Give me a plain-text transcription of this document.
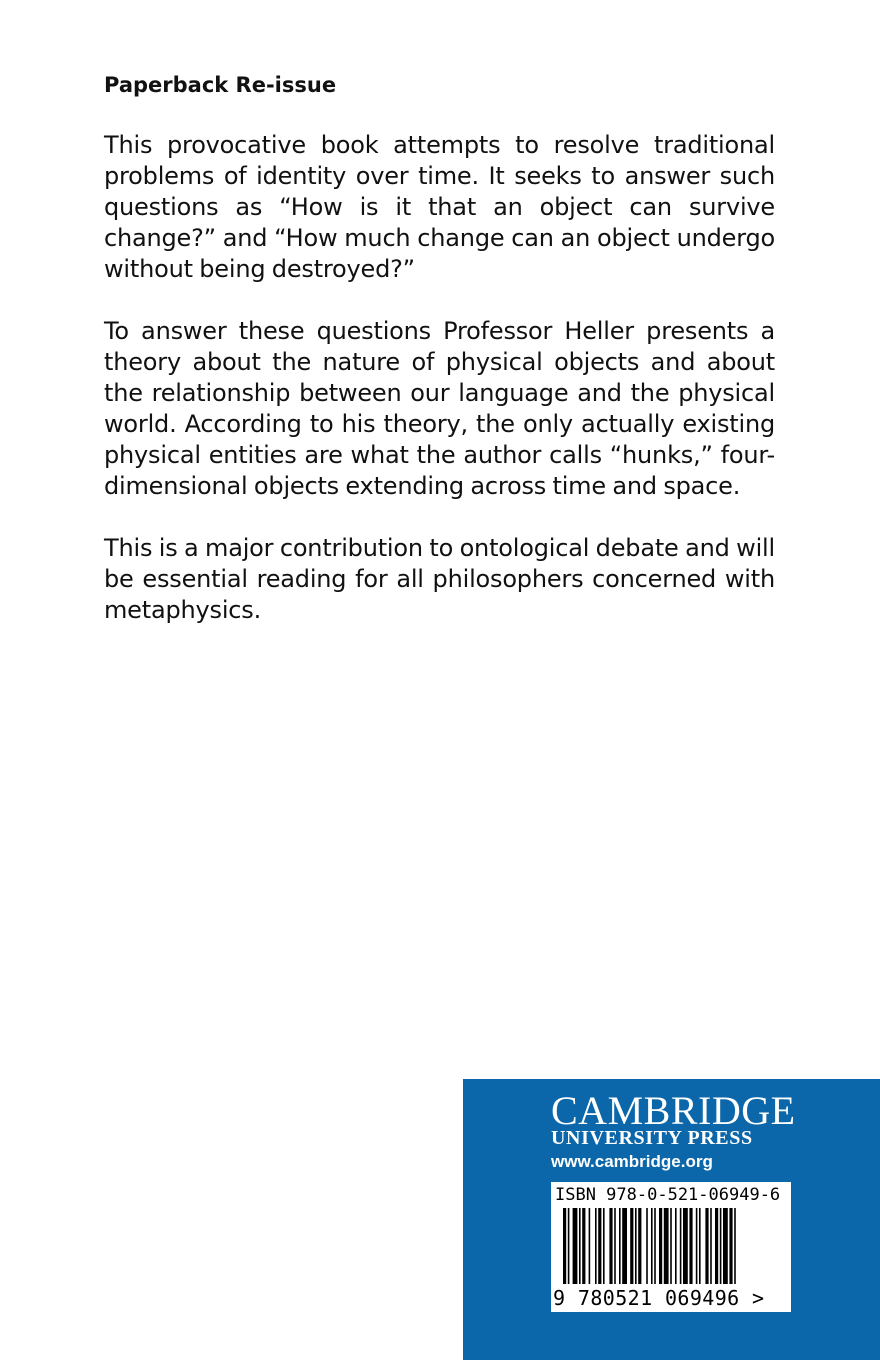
Paperback Re-issue

This provocative book attempts to resolve traditional problems of identity over time. It seeks to answer such questions as “How is it that an object can survive change?” and “How much change can an object undergo without being destroyed?”

To answer these questions Professor Heller presents a theory about the nature of physical objects and about the relationship between our language and the physical world. According to his theory, the only actually existing physical entities are what the author calls “hunks,” four-dimensional objects extending across time and space.

This is a major contribution to ontological debate and will be essential reading for all philosophers concerned with metaphysics.

CAMBRIDGE
UNIVERSITY PRESS
www.cambridge.org
ISBN 978-0-521-06949-6
9 780521 069496 >
